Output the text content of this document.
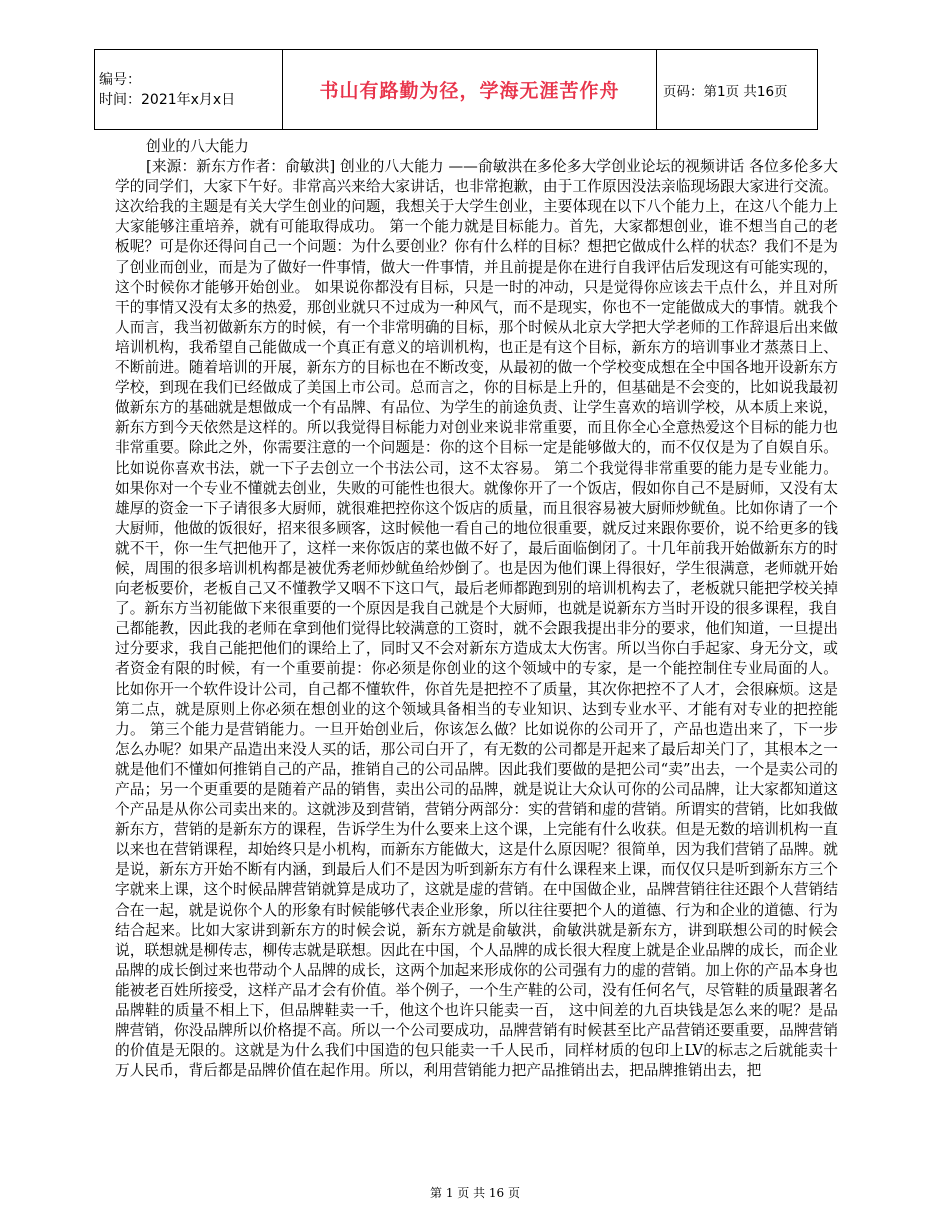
编号：
时间：2021年x月x日	书山有路勤为径，学海无涯苦作舟	页码：第1页 共16页
创业的八大能力

[来源：新东方作者：俞敏洪] 创业的八大能力 ——俞敏洪在多伦多大学创业论坛的视频讲话 各位多伦多大学的同学们，大家下午好。非常高兴来给大家讲话，也非常抱歉，由于工作原因没法亲临现场跟大家进行交流。这次给我的主题是有关大学生创业的问题，我想关于大学生创业，主要体现在以下八个能力上，在这八个能力上大家能够注重培养，就有可能取得成功。 第一个能力就是目标能力。首先，大家都想创业，谁不想当自己的老板呢？可是你还得问自己一个问题：为什么要创业？你有什么样的目标？想把它做成什么样的状态？我们不是为了创业而创业，而是为了做好一件事情，做大一件事情，并且前提是你在进行自我评估后发现这有可能实现的，这个时候你才能够开始创业。 如果说你都没有目标，只是一时的冲动，只是觉得你应该去干点什么，并且对所干的事情又没有太多的热爱，那创业就只不过成为一种风气，而不是现实，你也不一定能做成大的事情。就我个人而言，我当初做新东方的时候，有一个非常明确的目标，那个时候从北京大学把大学老师的工作辞退后出来做培训机构，我希望自己能做成一个真正有意义的培训机构，也正是有这个目标，新东方的培训事业才蒸蒸日上、不断前进。随着培训的开展，新东方的目标也在不断改变，从最初的做一个学校变成想在全中国各地开设新东方学校，到现在我们已经做成了美国上市公司。总而言之，你的目标是上升的，但基础是不会变的，比如说我最初做新东方的基础就是想做成一个有品牌、有品位、为学生的前途负责、让学生喜欢的培训学校，从本质上来说，新东方到今天依然是这样的。所以我觉得目标能力对创业来说非常重要，而且你全心全意热爱这个目标的能力也非常重要。除此之外，你需要注意的一个问题是：你的这个目标一定是能够做大的，而不仅仅是为了自娱自乐。比如说你喜欢书法，就一下子去创立一个书法公司，这不太容易。 第二个我觉得非常重要的能力是专业能力。如果你对一个专业不懂就去创业，失败的可能性也很大。就像你开了一个饭店，假如你自己不是厨师，又没有太雄厚的资金一下子请很多大厨师，就很难把控你这个饭店的质量，而且很容易被大厨师炒鱿鱼。比如你请了一个大厨师，他做的饭很好，招来很多顾客，这时候他一看自己的地位很重要，就反过来跟你要价，说不给更多的钱就不干，你一生气把他开了，这样一来你饭店的菜也做不好了，最后面临倒闭了。十几年前我开始做新东方的时候，周围的很多培训机构都是被优秀老师炒鱿鱼给炒倒了。也是因为他们课上得很好，学生很满意，老师就开始向老板要价，老板自己又不懂教学又咽不下这口气，最后老师都跑到别的培训机构去了，老板就只能把学校关掉了。新东方当初能做下来很重要的一个原因是我自己就是个大厨师，也就是说新东方当时开设的很多课程，我自己都能教，因此我的老师在拿到他们觉得比较满意的工资时，就不会跟我提出非分的要求，他们知道，一旦提出过分要求，我自己能把他们的课给上了，同时又不会对新东方造成太大伤害。所以当你白手起家、身无分文，或者资金有限的时候，有一个重要前提：你必须是你创业的这个领域中的专家，是一个能控制住专业局面的人。 比如你开一个软件设计公司，自己都不懂软件，你首先是把控不了质量，其次你把控不了人才，会很麻烦。这是第二点，就是原则上你必须在想创业的这个领域具备相当的专业知识、达到专业水平、才能有对专业的把控能力。 第三个能力是营销能力。一旦开始创业后，你该怎么做？比如说你的公司开了，产品也造出来了，下一步怎么办呢？如果产品造出来没人买的话，那公司白开了，有无数的公司都是开起来了最后却关门了，其根本之一就是他们不懂如何推销自己的产品，推销自己的公司品牌。因此我们要做的是把公司“卖”出去，一个是卖公司的产品；另一个更重要的是随着产品的销售，卖出公司的品牌，就是说让大众认可你的公司品牌，让大家都知道这个产品是从你公司卖出来的。这就涉及到营销，营销分两部分：实的营销和虚的营销。所谓实的营销，比如我做新东方，营销的是新东方的课程，告诉学生为什么要来上这个课，上完能有什么收获。但是无数的培训机构一直以来也在营销课程，却始终只是小机构，而新东方能做大，这是什么原因呢？很简单，因为我们营销了品牌。就是说，新东方开始不断有内涵，到最后人们不是因为听到新东方有什么课程来上课，而仅仅只是听到新东方三个字就来上课，这个时候品牌营销就算是成功了，这就是虚的营销。在中国做企业，品牌营销往往还跟个人营销结合在一起，就是说你个人的形象有时候能够代表企业形象，所以往往要把个人的道德、行为和企业的道德、行为结合起来。比如大家讲到新东方的时候会说，新东方就是俞敏洪，俞敏洪就是新东方，讲到联想公司的时候会说，联想就是柳传志，柳传志就是联想。因此在中国，个人品牌的成长很大程度上就是企业品牌的成长，而企业品牌的成长倒过来也带动个人品牌的成长，这两个加起来形成你的公司强有力的虚的营销。加上你的产品本身也能被老百姓所接受，这样产品才会有价值。举个例子，一个生产鞋的公司，没有任何名气，尽管鞋的质量跟著名品牌鞋的质量不相上下，但品牌鞋卖一千，他这个也许只能卖一百， 这中间差的九百块钱是怎么来的呢？是品牌营销，你没品牌所以价格提不高。所以一个公司要成功，品牌营销有时候甚至比产品营销还要重要，品牌营销的价值是无限的。这就是为什么我们中国造的包只能卖一千人民币，同样材质的包印上LV的标志之后就能卖十万人民币，背后都是品牌价值在起作用。所以，利用营销能力把产品推销出去，把品牌推销出去，把

第 1 页 共 16 页
